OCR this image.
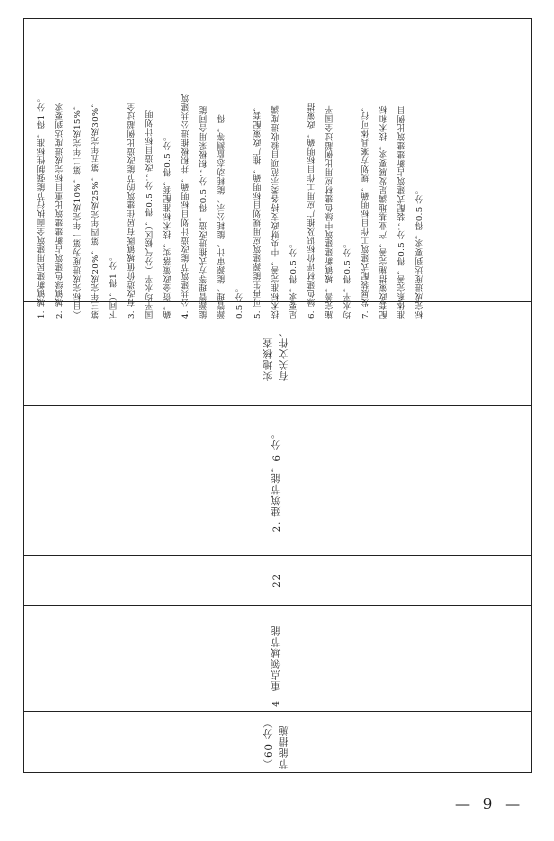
1. 城镇新建民用建筑全面执行节能强制性标准，得1 分。 2. 城镇绿色建筑占新建建筑比重目标完成进度达到要求 （目标完成进度为第一年完成10%，第二年完成15%， 第三年完成20%，第四年完成25%，第五年完成30%， 下同），得1 分。 3. 有改造价值城镇既有居住建筑的节能改造比例超过全 国平均水平（分气候区），得0.5 分；改造目标计划明 确，资金政策落实，技术标准配套，得0.5 分。 4. 公共建筑节能改造计划目标明确，并积极推进公共建筑 能源管理等方式推进改造，得0.5 分；积极采用合同能 源管理、能源审计、能耗公示、能耗动态监测等，得 0.5 分。 5. 可再生能源建筑应用规划目标明确，推广政策配套， 技术标准完善，中央财政支持各类示范项目验收进度满 足要求，得0.5 分。 6. 绿色建材评价标识及推广应用工作目标明确，政策措 施完善，城镇新建建筑中绿色建材应用比例超过全国平 均水平，得0.5 分。 7. 发展装配式建筑工作目标明确，规划方案具体可行， 配套政策措施完善，产业基地满足发展要求，技术和标 准体系完善，得0.5 分；装配式建筑占新建建筑比例目 标完成进度达到要求，得0.5 分。
有关文件、
实地核查
2. 建筑节能，6 分。
22
重点领域节能
节能措施
（60 分）
4
— 9 —
